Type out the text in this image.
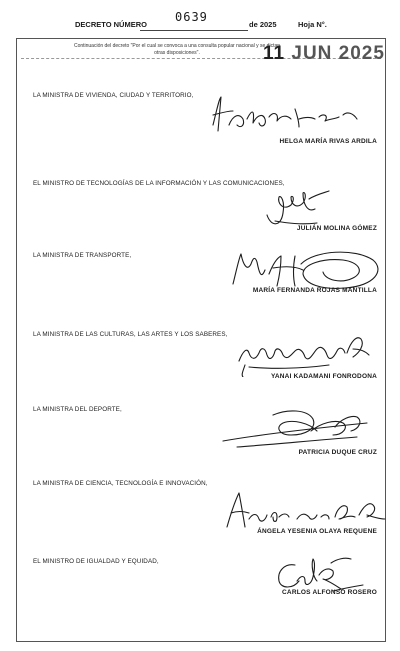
DECRETO NÚMERO
0639
de 2025	Hoja N°.
Continuación del decreto "Por el cual se convoca a una consulta popular nacional y se dictan otras disposiciones".	11 JUN 2025
LA MINISTRA DE VIVIENDA, CIUDAD Y TERRITORIO,
HELGA MARÍA RIVAS ARDILA
EL MINISTRO DE TECNOLOGÍAS DE LA INFORMACIÓN Y LAS COMUNICACIONES,
JULIÁN MOLINA GÓMEZ
LA MINISTRA DE TRANSPORTE,
MARÍA FERNANDA ROJAS MANTILLA
LA MINISTRA DE LAS CULTURAS, LAS ARTES Y LOS SABERES,
YANAI KADAMANI FONRODONA
LA MINISTRA DEL DEPORTE,
PATRICIA DUQUE CRUZ
LA MINISTRA DE CIENCIA, TECNOLOGÍA E INNOVACIÓN,
ÁNGELA YESENIA OLAYA REQUENE
EL MINISTRO DE IGUALDAD Y EQUIDAD,
CARLOS ALFONSO ROSERO
